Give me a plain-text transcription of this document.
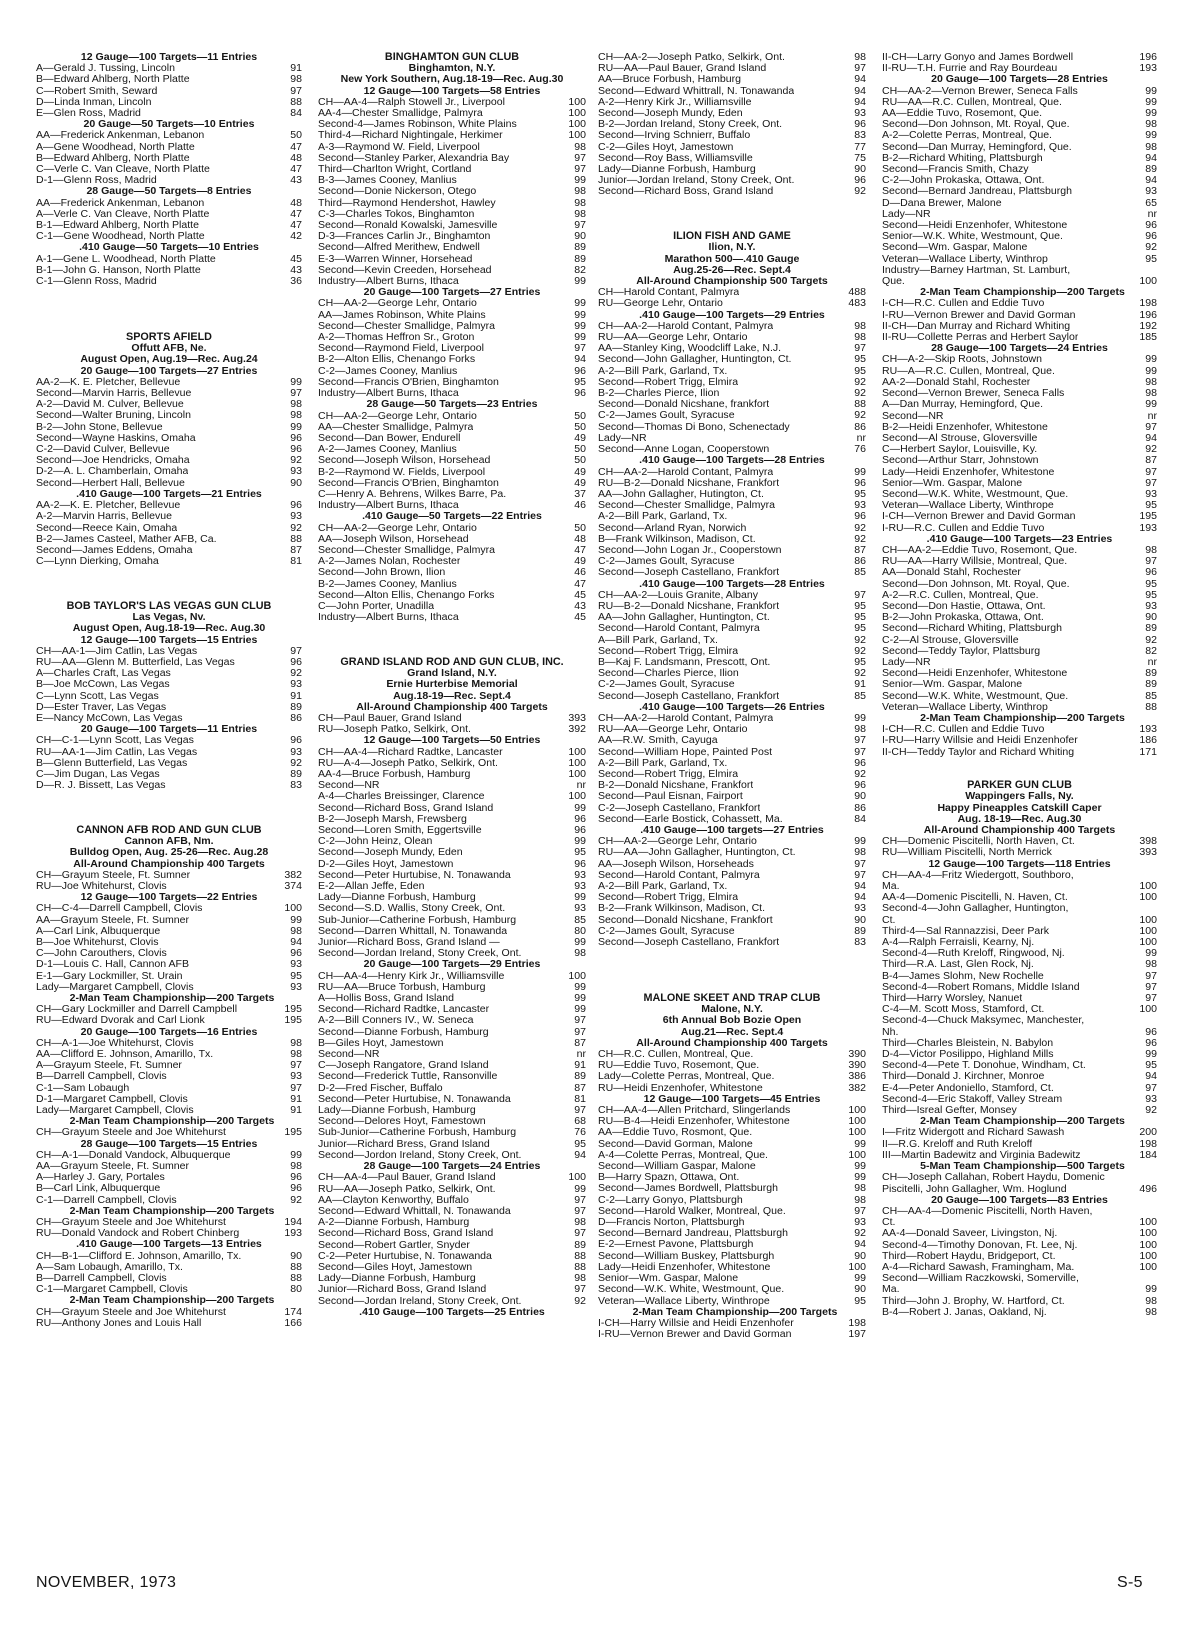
12 Gauge—100 Targets—11 Entries
A—Gerald J. Tussing, Lincoln	91
B—Edward Ahlberg, North Platte	98
C—Robert Smith, Seward	97
D—Linda Inman, Lincoln	88
E—Glen Ross, Madrid	84
20 Gauge—50 Targets—10 Entries
AA—Frederick Ankenman, Lebanon	50
A—Gene Woodhead, North Platte	47
B—Edward Ahlberg, North Platte	48
C—Verle C. Van Cleave, North Platte	47
D-1—Glenn Ross, Madrid	43
28 Gauge—50 Targets—8 Entries
AA—Frederick Ankenman, Lebanon	48
A—Verle C. Van Cleave, North Platte	47
B-1—Edward Ahlberg, North Platte	47
C-1—Gene Woodhead, North Platte	42
.410 Gauge—50 Targets—10 Entries
A-1—Gene L. Woodhead, North Platte	45
B-1—John G. Hanson, North Platte	43
C-1—Glenn Ross, Madrid	36
SPORTS AFIELD
Offutt AFB, Ne.
August Open, Aug.19—Rec. Aug.24
20 Gauge—100 Targets—27 Entries
AA-2—K. E. Pletcher, Bellevue	99
Second—Marvin Harris, Bellevue	97
A-2—David M. Culver, Bellevue	98
Second—Walter Bruning, Lincoln	98
B-2—John Stone, Bellevue	99
Second—Wayne Haskins, Omaha	96
C-2—David Culver, Bellevue	96
Second—Joe Hendricks, Omaha	92
D-2—A. L. Chamberlain, Omaha	93
Second—Herbert Hall, Bellevue	90
.410 Gauge—100 Targets—21 Entries
AA-2—K. E. Pletcher, Bellevue	96
A-2—Marvin Harris, Bellevue	93
Second—Reece Kain, Omaha	92
B-2—James Casteel, Mather AFB, Ca.	88
Second—James Eddens, Omaha	87
C—Lynn Dierking, Omaha	81
BOB TAYLOR'S LAS VEGAS GUN CLUB
Las Vegas, Nv.
August Open, Aug.18-19—Rec. Aug.30
12 Gauge—100 Targets—15 Entries
CH—AA-1—Jim Catlin, Las Vegas	97
RU—AA—Glenn M. Butterfield, Las Vegas	96
A—Charles Craft, Las Vegas	92
B—Joe McCown, Las Vegas	93
C—Lynn Scott, Las Vegas	91
D—Ester Traver, Las Vegas	89
E—Nancy McCown, Las Vegas	86
20 Gauge—100 Targets—11 Entries
CH—C-1—Lynn Scott, Las Vegas	96
RU—AA-1—Jim Catlin, Las Vegas	93
B—Glenn Butterfield, Las Vegas	92
C—Jim Dugan, Las Vegas	89
D—R. J. Bissett, Las Vegas	83
CANNON AFB ROD AND GUN CLUB
Cannon AFB, Nm.
Bulldog Open, Aug. 25-26—Rec. Aug.28
All-Around Championship 400 Targets
CH—Grayum Steele, Ft. Sumner	382
RU—Joe Whitehurst, Clovis	374
12 Gauge—100 Targets—22 Entries
CH—C-4—Darrell Campbell, Clovis	100
AA—Grayum Steele, Ft. Sumner	99
A—Carl Link, Albuquerque	98
B—Joe Whitehurst, Clovis	94
C—John Carouthers, Clovis	96
D-1—Louis C. Hall, Cannon AFB	93
E-1—Gary Lockmiller, St. Urain	95
Lady—Margaret Campbell, Clovis	93
2-Man Team Championship—200 Targets
CH—Gary Lockmiller and Darrell Campbell	195
RU—Edward Dvorak and Carl Lionk	195
20 Gauge—100 Targets—16 Entries
CH—A-1—Joe Whitehurst, Clovis	98
AA—Clifford E. Johnson, Amarillo, Tx.	98
A—Grayum Steele, Ft. Sumner	97
B—Darrell Campbell, Clovis	93
C-1—Sam Lobaugh	97
D-1—Margaret Campbell, Clovis	91
Lady—Margaret Campbell, Clovis	91
2-Man Team Championship—200 Targets
CH—Grayum Steele and Joe Whitehurst	195
28 Gauge—100 Targets—15 Entries
CH—A-1—Donald Vandock, Albuquerque	99
AA—Grayum Steele, Ft. Sumner	98
A—Harley J. Gary, Portales	96
B—Carl Link, Albuquerque	96
C-1—Darrell Campbell, Clovis	92
2-Man Team Championship—200 Targets
CH—Grayum Steele and Joe Whitehurst	194
RU—Donald Vandock and Robert Chinberg	193
.410 Gauge—100 Targets—13 Entries
CH—B-1—Clifford E. Johnson, Amarillo, Tx.	90
A—Sam Lobaugh, Amarillo, Tx.	88
B—Darrell Campbell, Clovis	88
C-1—Margaret Campbell, Clovis	80
2-Man Team Championship—200 Targets
CH—Grayum Steele and Joe Whitehurst	174
RU—Anthony Jones and Louis Hall	166
BINGHAMTON GUN CLUB
Binghamton, N.Y.
New York Southern, Aug.18-19—Rec. Aug.30
12 Gauge—100 Targets—58 Entries
CH—AA-4—Ralph Stowell Jr., Liverpool	100
AA-4—Chester Smallidge, Palmyra	100
Second-4—James Robinson, White Plains	100
Third-4—Richard Nightingale, Herkimer	100
A-3—Raymond W. Field, Liverpool	98
Second—Stanley Parker, Alexandria Bay	97
Third—Charlton Wright, Cortland	97
B-3—James Cooney, Manlius	99
Second—Donie Nickerson, Otego	98
Third—Raymond Hendershot, Hawley	98
C-3—Charles Tokos, Binghamton	98
Second—Ronald Kowalski, Jamesville	97
D-3—Frances Carlin Jr., Binghamton	90
Second—Alfred Merithew, Endwell	89
E-3—Warren Winner, Horsehead	89
Second—Kevin Creeden, Horsehead	82
Industry—Albert Burns, Ithaca	99
20 Gauge—100 Targets—27 Entries
CH—AA-2—George Lehr, Ontario	99
AA—James Robinson, White Plains	99
Second—Chester Smallidge, Palmyra	99
A-2—Thomas Heffron Sr., Groton	99
Second—Raymond Field, Liverpool	97
B-2—Alton Ellis, Chenango Forks	94
C-2—James Cooney, Manlius	96
Second—Francis O'Brien, Binghamton	95
Industry—Albert Burns, Ithaca	96
28 Gauge—50 Targets—23 Entries
CH—AA-2—George Lehr, Ontario	50
AA—Chester Smallidge, Palmyra	50
Second—Dan Bower, Endurell	49
A-2—James Cooney, Manlius	50
Second—Joseph Wilson, Horsehead	50
B-2—Raymond W. Fields, Liverpool	49
Second—Francis O'Brien, Binghamton	49
C—Henry A. Behrens, Wilkes Barre, Pa.	37
Industry—Albert Burns, Ithaca	46
.410 Gauge—50 Targets—22 Entries
CH—AA-2—George Lehr, Ontario	50
AA—Joseph Wilson, Horsehead	48
Second—Chester Smallidge, Palmyra	47
A-2—James Nolan, Rochester	49
Second—John Brown, Ilion	46
B-2—James Cooney, Manlius	47
Second—Alton Ellis, Chenango Forks	45
C—John Porter, Unadilla	43
Industry—Albert Burns, Ithaca	45
GRAND ISLAND ROD AND GUN CLUB, INC.
Grand Island, N.Y.
Ernie Hurterbise Memorial
Aug.18-19—Rec. Sept.4
All-Around Championship 400 Targets
CH—Paul Bauer, Grand Island	393
RU—Joseph Patko, Selkirk, Ont.	392
12 Gauge—100 Targets—50 Entries
CH—AA-4—Richard Radtke, Lancaster	100
RU—A-4—Joseph Patko, Selkirk, Ont.	100
AA-4—Bruce Forbush, Hamburg	100
Second—NR	nr
A-4—Charles Breissinger, Clarence	100
Second—Richard Boss, Grand Island	99
B-2—Joseph Marsh, Frewsberg	96
Second—Loren Smith, Eggertsville	96
C-2—John Heinz, Olean	99
Second—Joseph Mundy, Eden	95
D-2—Giles Hoyt, Jamestown	96
Second—Peter Hurtubise, N. Tonawanda	93
E-2—Allan Jeffe, Eden	93
Lady—Dianne Forbush, Hamburg	99
Second—S.D. Wallis, Stony Creek, Ont.	93
Sub-Junior—Catherine Forbush, Hamburg	85
Second—Darren Whittall, N. Tonawanda	80
Junior—Richard Boss, Grand Island —	99
Second—Jordan Ireland, Stony Creek, Ont.	98
20 Gauge—100 Targets—29 Entries
CH—AA-4—Henry Kirk Jr., Williamsville	100
RU—AA—Bruce Torbush, Hamburg	99
A—Hollis Boss, Grand Island	99
Second—Richard Radtke, Lancaster	99
A-2—Bill Conners IV., W. Seneca	97
Second—Dianne Forbush, Hamburg	97
B—Giles Hoyt, Jamestown	87
Second—NR	nr
C—Joseph Rangatore, Grand Island	91
Second—Frederick Tuttle, Ransonville	89
D-2—Fred Fischer, Buffalo	87
Second—Peter Hurtubise, N. Tonawanda	81
Lady—Dianne Forbush, Hamburg	97
Second—Delores Hoyt, Famestown	68
Sub-Junior—Catherine Forbush, Hamburg	76
Junior—Richard Bress, Grand Island	95
Second—Jordon Ireland, Stony Creek, Ont.	94
28 Gauge—100 Targets—24 Entries
CH—AA-4—Paul Bauer, Grand Island	100
RU—AA—Joseph Patko, Selkirk, Ont.	99
AA—Clayton Kenworthy, Buffalo	97
Second—Edward Whittall, N. Tonawanda	97
A-2—Dianne Forbush, Hamburg	98
Second—Richard Boss, Grand Island	97
Second—Robert Gartler, Snyder	89
C-2—Peter Hurtubise, N. Tonawanda	88
Second—Giles Hoyt, Jamestown	88
Lady—Dianne Forbush, Hamburg	98
Junior—Richard Boss, Grand Island	97
Second—Jordan Ireland, Stony Creek, Ont.	92
.410 Gauge—100 Targets—25 Entries
CH—AA-2—Joseph Patko, Selkirk, Ont.	98
RU—AA—Paul Bauer, Grand Island	97
AA—Bruce Forbush, Hamburg	94
Second—Edward Whittrall, N. Tonawanda	94
A-2—Henry Kirk Jr., Williamsville	94
Second—Joseph Mundy, Eden	93
B-2—Jordan Ireland, Stony Creek, Ont.	96
Second—Irving Schnierr, Buffalo	83
C-2—Giles Hoyt, Jamestown	77
Second—Roy Bass, Williamsville	75
Lady—Dianne Forbush, Hamburg	90
Junior—Jordan Ireland, Stony Creek, Ont.	96
Second—Richard Boss, Grand Island	92
ILION FISH AND GAME
Ilion, N.Y.
Marathon 500—.410 Gauge
Aug.25-26—Rec. Sept.4
All-Around Championship 500 Targets
CH—Harold Contant, Palmyra	488
RU—George Lehr, Ontario	483
.410 Gauge—100 Targets—29 Entries
CH—AA-2—Harold Contant, Palmyra	98
RU—AA—George Lehr, Ontario	98
AA—Stanley King, Woodcliff Lake, N.J.	97
Second—John Gallagher, Huntington, Ct.	95
A-2—Bill Park, Garland, Tx.	95
Second—Robert Trigg, Elmira	92
B-2—Charles Pierce, Ilion	92
Second—Donald Nicshane, frankfort	88
C-2—James Goult, Syracuse	92
Second—Thomas Di Bono, Schenectady	86
Lady—NR	nr
Second—Anne Logan, Cooperstown	76
.410 Gauge—100 Targets—28 Entries
CH—AA-2—Harold Contant, Palmyra	99
RU—B-2—Donald Nicshane, Frankfort	96
AA—John Gallagher, Hutington, Ct.	95
Second—Chester Smallidge, Palmyra	93
A-2—Bill Park, Garland, Tx.	96
Second—Arland Ryan, Norwich	92
B—Frank Wilkinson, Madison, Ct.	92
Second—John Logan Jr., Cooperstown	87
C-2—James Goult, Syracuse	86
Second—Joseph Castellano, Frankfort	85
.410 Gauge—100 Targets—28 Entries
CH—AA-2—Louis Granite, Albany	97
RU—B-2—Donald Nicshane, Frankfort	95
AA—John Gallagher, Huntington, Ct.	95
Second—Harold Contant, Palmyra	95
A—Bill Park, Garland, Tx.	92
Second—Robert Trigg, Elmira	92
B—Kaj F. Landsmann, Prescott, Ont.	95
Second—Charles Pierce, Ilion	92
C-2—James Goult, Syracuse	91
Second—Joseph Castellano, Frankfort	85
.410 Gauge—100 Targets—26 Entries
CH—AA-2—Harold Contant, Palmyra	99
RU—AA—George Lehr, Ontario	98
AA—R.W. Smith, Cayuga	97
Second—William Hope, Painted Post	97
A-2—Bill Park, Garland, Tx.	96
Second—Robert Trigg, Elmira	92
B-2—Donald Nicshane, Frankfort	96
Second—Paul Eisnan, Fairport	90
C-2—Joseph Castellano, Frankfort	86
Second—Earle Bostick, Cohassett, Ma.	84
.410 Gauge—100 targets—27 Entries
CH—AA-2—George Lehr, Ontario	99
RU—AA—John Gallagher, Huntington, Ct.	98
AA—Joseph Wilson, Horseheads	97
Second—Harold Contant, Palmyra	97
A-2—Bill Park, Garland, Tx.	94
Second—Robert Trigg, Elmira	94
B-2—Frank Wilkinson, Madison, Ct.	93
Second—Donald Nicshane, Frankfort	90
C-2—James Goult, Syracuse	89
Second—Joseph Castellano, Frankfort	83
MALONE SKEET AND TRAP CLUB
Malone, N.Y.
6th Annual Bob Bozie Open
Aug.21—Rec. Sept.4
All-Around Championship 400 Targets
CH—R.C. Cullen, Montreal, Que.	390
RU—Eddie Tuvo, Rosemont, Que.	390
Lady—Colette Perras, Montreal, Que.	386
RU—Heidi Enzenhofer, Whitestone	382
12 Gauge—100 Targets—45 Entries
CH—AA-4—Allen Pritchard, Slingerlands	100
RU—B-4—Heidi Enzenhofer, Whitestone	100
AA—Eddie Tuvo, Rosmont, Que.	100
Second—David Gorman, Malone	99
A-4—Colette Perras, Montreal, Que.	100
Second—William Gaspar, Malone	99
B—Harry Spazn, Ottawa, Ont.	99
Second—James Bordwell, Plattsburgh	98
C-2—Larry Gonyo, Plattsburgh	98
Second—Harold Walker, Montreal, Que.	97
D—Francis Norton, Plattsburgh	93
Second—Bernard Jandreau, Plattsburgh	92
E-2—Ernest Pavone, Plattsburgh	94
Second—William Buskey, Plattsburgh	90
Lady—Heidi Enzenhofer, Whitestone	100
Senior—Wm. Gaspar, Malone	99
Second—W.K. White, Westmount, Que.	90
Veteran—Wallace Liberty, Winthrope	95
2-Man Team Championship—200 Targets
I-CH—Harry Willsie and Heidi Enzenhofer	198
I-RU—Vernon Brewer and David Gorman	197
II-CH—Larry Gonyo and James Bordwell	196
II-RU—T.H. Furrie and Ray Bourdeau	193
20 Gauge—100 Targets—28 Entries
CH—AA-2—Vernon Brewer, Seneca Falls	99
RU—AA—R.C. Cullen, Montreal, Que.	99
AA—Eddie Tuvo, Rosemont, Que.	99
Second—Don Johnson, Mt. Royal, Que.	98
A-2—Colette Perras, Montreal, Que.	99
Second—Dan Murray, Hemingford, Que.	98
B-2—Richard Whiting, Plattsburgh	94
Second—Francis Smith, Chazy	89
C-2—John Prokaska, Ottawa, Ont.	94
Second—Bernard Jandreau, Plattsburgh	93
D—Dana Brewer, Malone	65
Lady—NR	nr
Second—Heidi Enzenhofer, Whitestone	96
Senior—W.K. White, Westmount, Que.	96
Second—Wm. Gaspar, Malone	92
Veteran—Wallace Liberty, Winthrop	95
Industry—Barney Hartman, St. Lamburt,
Que.	100
2-Man Team Championship—200 Targets
I-CH—R.C. Cullen and Eddie Tuvo	198
I-RU—Vernon Brewer and David Gorman	196
II-CH—Dan Murray and Richard Whiting	192
II-RU—Collette Perras and Herbert Saylor	185
28 Gauge—100 Targets—24 Entries
CH—A-2—Skip Roots, Johnstown	99
RU—A—R.C. Cullen, Montreal, Que.	99
AA-2—Donald Stahl, Rochester	98
Second—Vernon Brewer, Seneca Falls	98
A—Dan Murray, Hemingford, Que.	99
Second—NR	nr
B-2—Heidi Enzenhofer, Whitestone	97
Second—Al Strouse, Gloversville	94
C—Herbert Saylor, Louisville, Ky.	92
Second—Arthur Starr, Johnstown	87
Lady—Heidi Enzenhofer, Whitestone	97
Senior—Wm. Gaspar, Malone	97
Second—W.K. White, Westmount, Que.	93
Veteran—Wallace Liberty, Winthrope	95
I-CH—Vernon Brewer and David Gorman	195
I-RU—R.C. Cullen and Eddie Tuvo	193
.410 Gauge—100 Targets—23 Entries
CH—AA-2—Eddie Tuvo, Rosemont, Que.	98
RU—AA—Harry Willsie, Montreal, Que.	97
AA—Donald Stahl, Rochester	96
Second—Don Johnson, Mt. Royal, Que.	95
A-2—R.C. Cullen, Montreal, Que.	95
Second—Don Hastie, Ottawa, Ont.	93
B-2—John Prokaska, Ottawa, Ont.	90
Second—Richard Whiting, Plattsburgh	89
C-2—Al Strouse, Gloversville	92
Second—Teddy Taylor, Plattsburg	82
Lady—NR	nr
Second—Heidi Enzenhofer, Whitestone	89
Senior—Wm. Gaspar, Malone	89
Second—W.K. White, Westmount, Que.	85
Veteran—Wallace Liberty, Winthrop	88
2-Man Team Championship—200 Targets
I-CH—R.C. Cullen and Eddie Tuvo	193
I-RU—Harry Willsie and Heidi Enzenhofer	186
II-CH—Teddy Taylor and Richard Whiting	171
PARKER GUN CLUB
Wappingers Falls, Ny.
Happy Pineapples Catskill Caper
Aug. 18-19—Rec. Aug.30
All-Around Championship 400 Targets
CH—Domenic Piscitelli, North Haven, Ct.	398
RU—William Piscitelli, North Merrick	393
12 Gauge—100 Targets—118 Entries
CH—AA-4—Fritz Wiedergott, Southboro,
Ma.	100
AA-4—Domenic Piscitelli, N. Haven, Ct.	100
Second-4—John Gallagher, Huntington,
Ct.	100
Third-4—Sal Rannazzisi, Deer Park	100
A-4—Ralph Ferraisli, Kearny, Nj.	100
Second-4—Ruth Kreloff, Ringwood, Nj.	99
Third—R.A. Last, Glen Rock, Nj.	98
B-4—James Slohm, New Rochelle	97
Second-4—Robert Romans, Middle Island	97
Third—Harry Worsley, Nanuet	97
C-4—M. Scott Moss, Stamford, Ct.	100
Second-4—Chuck Maksymec, Manchester,
Nh.	96
Third—Charles Bleistein, N. Babylon	96
D-4—Victor Posilippo, Highland Mills	99
Second-4—Pete T. Donohue, Windham, Ct.	95
Third—Donald J. Kirchner, Monroe	94
E-4—Peter Andoniello, Stamford, Ct.	97
Second-4—Eric Stakoff, Valley Stream	93
Third—Isreal Gefter, Monsey	92
2-Man Team Championship—200 Targets
I—Fritz Widergott and Richard Sawash	200
II—R.G. Kreloff and Ruth Kreloff	198
III—Martin Badewitz and Virginia Badewitz	184
5-Man Team Championship—500 Targets
CH—Joseph Callahan, Robert Haydu, Domenic
Piscitelli, John Gallagher, Wm. Hoglund	496
20 Gauge—100 Targets—83 Entries
CH—AA-4—Domenic Piscitelli, North Haven,
Ct.	100
AA-4—Donald Saveer, Livingston, Nj.	100
Second-4—Timothy Donovan, Ft. Lee, Nj.	100
Third—Robert Haydu, Bridgeport, Ct.	100
A-4—Richard Sawash, Framingham, Ma.	100
Second—William Raczkowski, Somerville,
Ma.	99
Third—John J. Brophy, W. Hartford, Ct.	98
B-4—Robert J. Janas, Oakland, Nj.	98
NOVEMBER, 1973	S-5
